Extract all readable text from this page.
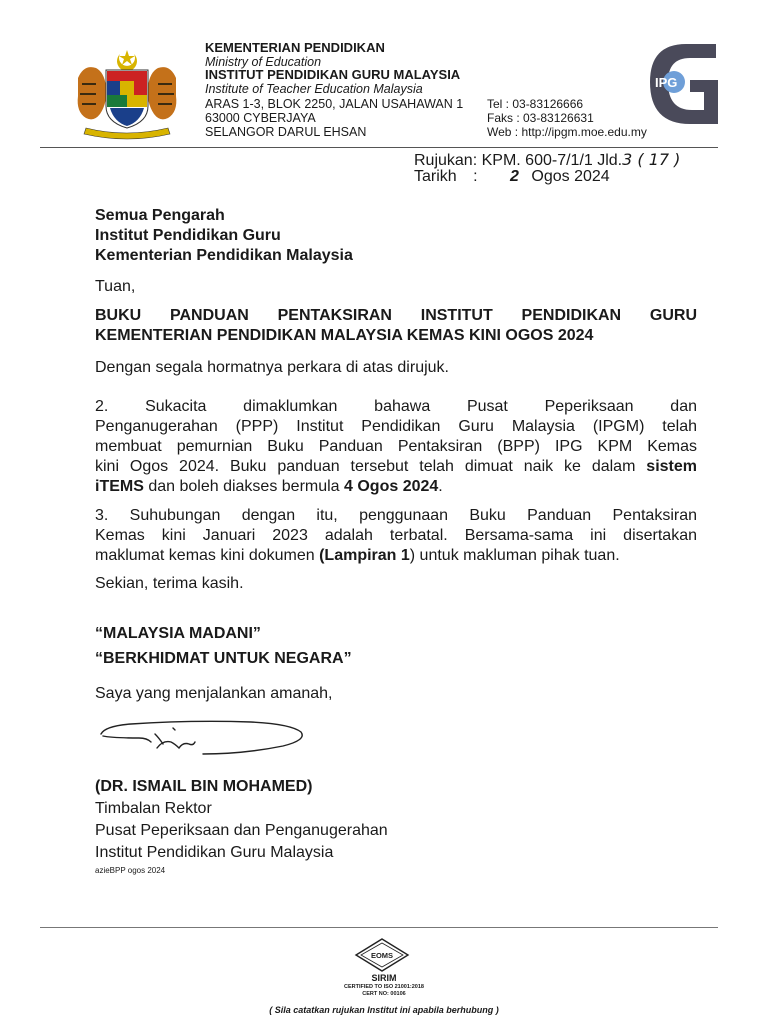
KEMENTERIAN PENDIDIKAN
Ministry of Education
INSTITUT PENDIDIKAN GURU MALAYSIA
Institute of Teacher Education Malaysia
ARAS 1-3, BLOK 2250, JALAN USAHAWAN 1
63000 CYBERJAYA
SELANGOR DARUL EHSAN
Tel : 03-83126666
Faks : 03-83126631
Web : http://ipgm.moe.edu.my
IPG
Rujukan: KPM. 600-7/1/1 Jld.3 ( 17 )
Tarikh : 2 Ogos 2024
Semua Pengarah
Institut Pendidikan Guru
Kementerian Pendidikan Malaysia
Tuan,
BUKU PANDUAN PENTAKSIRAN INSTITUT PENDIDIKAN GURU
KEMENTERIAN PENDIDIKAN MALAYSIA KEMAS KINI OGOS 2024
Dengan segala hormatnya perkara di atas dirujuk.
2. Sukacita dimaklumkan bahawa Pusat Peperiksaan dan
Penganugerahan (PPP) Institut Pendidikan Guru Malaysia (IPGM) telah
membuat pemurnian Buku Panduan Pentaksiran (BPP) IPG KPM Kemas
kini Ogos 2024. Buku panduan tersebut telah dimuat naik ke dalam sistem
iTEMS dan boleh diakses bermula 4 Ogos 2024.
3. Suhubungan dengan itu, penggunaan Buku Panduan Pentaksiran
Kemas kini Januari 2023 adalah terbatal. Bersama-sama ini disertakan
maklumat kemas kini dokumen (Lampiran 1) untuk makluman pihak tuan.
Sekian, terima kasih.
“MALAYSIA MADANI”
“BERKHIDMAT UNTUK NEGARA”
Saya yang menjalankan amanah,
(DR. ISMAIL BIN MOHAMED)
Timbalan Rektor
Pusat Peperiksaan dan Penganugerahan
Institut Pendidikan Guru Malaysia
azieBPP ogos 2024
EOMS
SIRIM
CERTIFIED TO ISO 21001:2018
CERT NO: 00106
( Sila catatkan rujukan Institut ini apabila berhubung )
